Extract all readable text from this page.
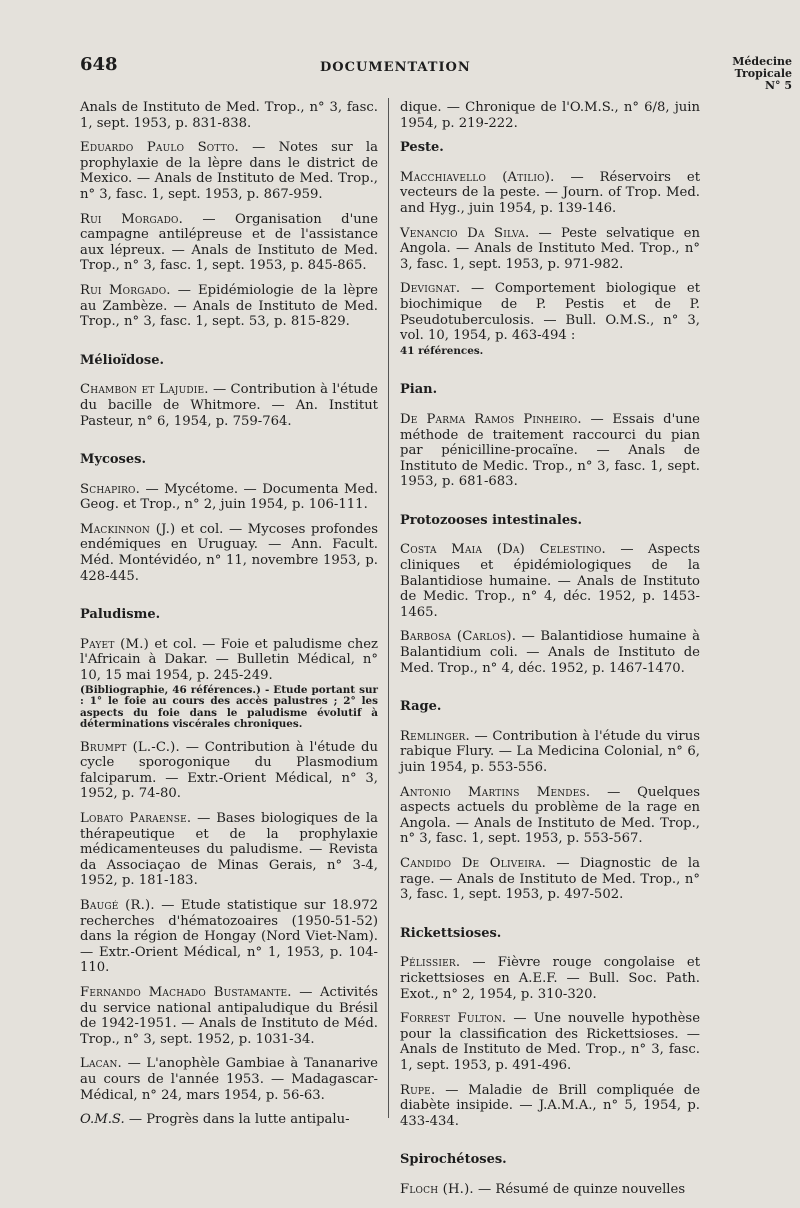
648	DOCUMENTATION	Médecine
Tropicale
N° 5

Anals de Instituto de Med. Trop., n° 3, fasc. 1, sept. 1953, p. 831-838.

Eduardo Paulo Sotto. — Notes sur la prophylaxie de la lèpre dans le district de Mexico. — Anals de Instituto de Med. Trop., n° 3, fasc. 1, sept. 1953, p. 867-959.

Rui Morgado. — Organisation d'une campagne antilépreuse et de l'assistance aux lépreux. — Anals de Instituto de Med. Trop., n° 3, fasc. 1, sept. 1953, p. 845-865.

Rui Morgado. — Epidémiologie de la lèpre au Zambèze. — Anals de Instituto de Med. Trop., n° 3, fasc. 1, sept. 53, p. 815-829.

Mélioïdose.

Chambon et Lajudie. — Contribution à l'étude du bacille de Whitmore. — An. Institut Pasteur, n° 6, 1954, p. 759-764.

Mycoses.

Schapiro. — Mycétome. — Documenta Med. Geog. et Trop., n° 2, juin 1954, p. 106-111.

Mackinnon (J.) et col. — Mycoses profondes endémiques en Uruguay. — Ann. Facult. Méd. Montévidéo, n° 11, novembre 1953, p. 428-445.

Paludisme.

Payet (M.) et col. — Foie et paludisme chez l'Africain à Dakar. — Bulletin Médical, n° 10, 15 mai 1954, p. 245-249.
(Bibliographie, 46 références.) - Etude portant sur : 1° le foie au cours des accès palustres ; 2° les aspects du foie dans le paludisme évolutif à déterminations viscérales chroniques.

Brumpt (L.-C.). — Contribution à l'étude du cycle sporogonique du Plasmodium falciparum. — Extr.-Orient Médical, n° 3, 1952, p. 74-80.

Lobato Paraense. — Bases biologiques de la thérapeutique et de la prophylaxie médicamenteuses du paludisme. — Revista da Associaçao de Minas Gerais, n° 3-4, 1952, p. 181-183.

Baugé (R.). — Etude statistique sur 18.972 recherches d'hématozoaires (1950-51-52) dans la région de Hongay (Nord Viet-Nam). — Extr.-Orient Médical, n° 1, 1953, p. 104-110.

Fernando Machado Bustamante. — Activités du service national antipaludique du Brésil de 1942-1951. — Anals de Instituto de Méd. Trop., n° 3, sept. 1952, p. 1031-34.

Lacan. — L'anophèle Gambiae à Tananarive au cours de l'année 1953. — Madagascar-Médical, n° 24, mars 1954, p. 56-63.

O.M.S. — Progrès dans la lutte antipalu-

dique. — Chronique de l'O.M.S., n° 6/8, juin 1954, p. 219-222.

Peste.

Macchiavello (Atilio). — Réservoirs et vecteurs de la peste. — Journ. of Trop. Med. and Hyg., juin 1954, p. 139-146.

Venancio Da Silva. — Peste selvatique en Angola. — Anals de Instituto Med. Trop., n° 3, fasc. 1, sept. 1953, p. 971-982.

Devignat. — Comportement biologique et biochimique de P. Pestis et de P. Pseudotuberculosis. — Bull. O.M.S., n° 3, vol. 10, 1954, p. 463-494 :
41 références.

Pian.

De Parma Ramos Pinheiro. — Essais d'une méthode de traitement raccourci du pian par pénicilline-procaïne. — Anals de Instituto de Medic. Trop., n° 3, fasc. 1, sept. 1953, p. 681-683.

Protozooses intestinales.

Costa Maia (Da) Celestino. — Aspects cliniques et épidémiologiques de la Balantidiose humaine. — Anals de Instituto de Medic. Trop., n° 4, déc. 1952, p. 1453-1465.

Barbosa (Carlos). — Balantidiose humaine à Balantidium coli. — Anals de Instituto de Med. Trop., n° 4, déc. 1952, p. 1467-1470.

Rage.

Remlinger. — Contribution à l'étude du virus rabique Flury. — La Medicina Colonial, n° 6, juin 1954, p. 553-556.

Antonio Martins Mendes. — Quelques aspects actuels du problème de la rage en Angola. — Anals de Instituto de Med. Trop., n° 3, fasc. 1, sept. 1953, p. 553-567.

Candido De Oliveira. — Diagnostic de la rage. — Anals de Instituto de Med. Trop., n° 3, fasc. 1, sept. 1953, p. 497-502.

Rickettsioses.

Pélissier. — Fièvre rouge congolaise et rickettsioses en A.E.F. — Bull. Soc. Path. Exot., n° 2, 1954, p. 310-320.

Forrest Fulton. — Une nouvelle hypothèse pour la classification des Rickettsioses. — Anals de Instituto de Med. Trop., n° 3, fasc. 1, sept. 1953, p. 491-496.

Rupe. — Maladie de Brill compliquée de diabète insipide. — J.A.M.A., n° 5, 1954, p. 433-434.

Spirochétoses.

Floch (H.). — Résumé de quinze nouvelles
